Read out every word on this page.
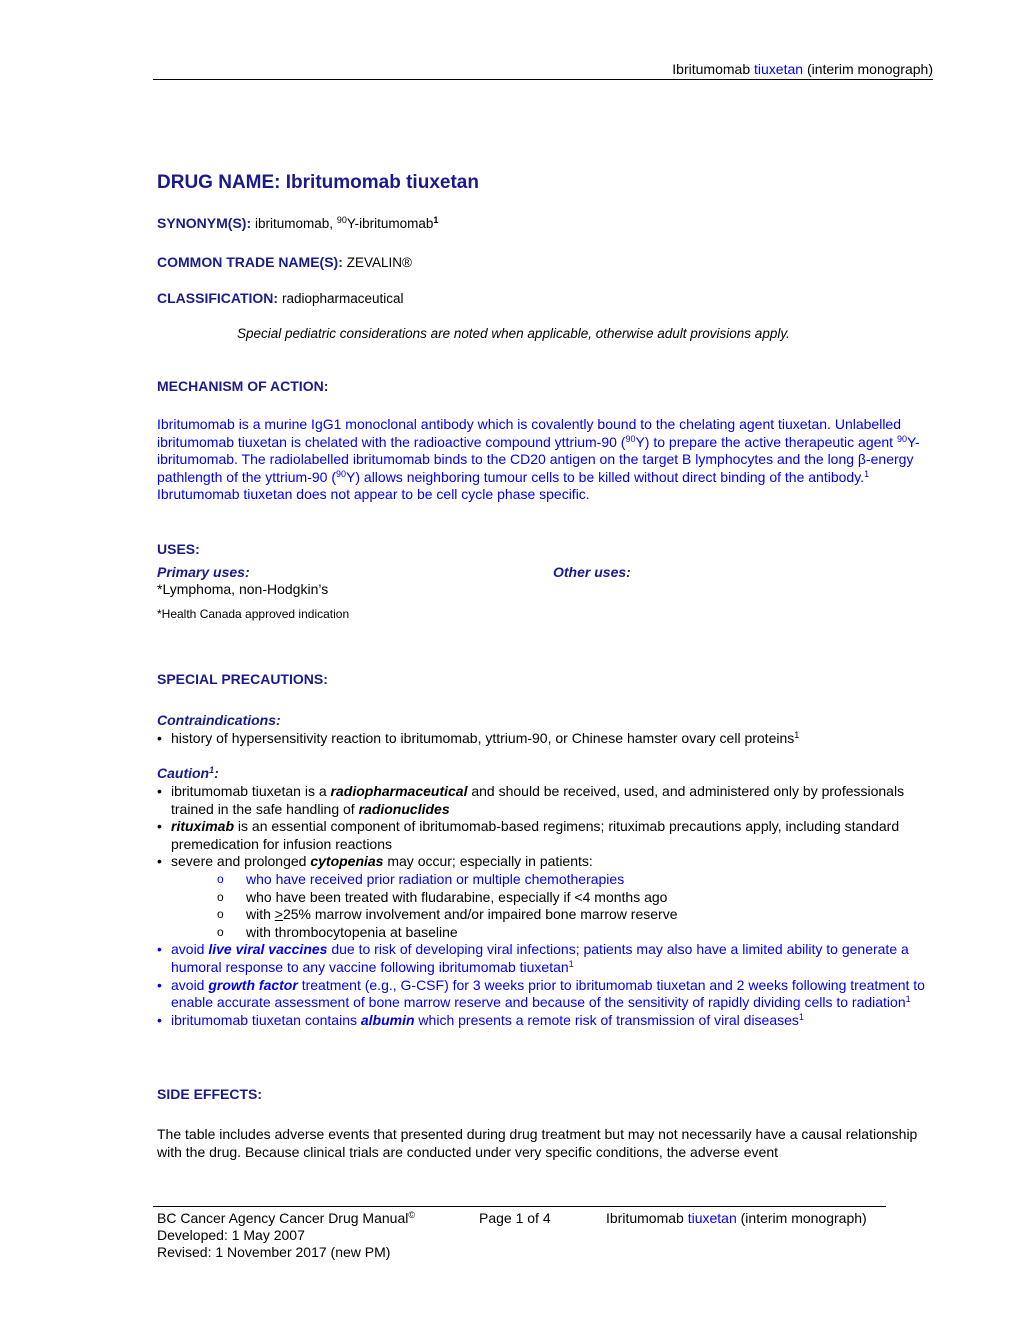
Ibritumomab tiuxetan (interim monograph)
DRUG NAME: Ibritumomab tiuxetan
SYNONYM(S): ibritumomab, $^{90}$Y-ibritumomab$^1$
COMMON TRADE NAME(S): ZEVALIN®
CLASSIFICATION: radiopharmaceutical
Special pediatric considerations are noted when applicable, otherwise adult provisions apply.
MECHANISM OF ACTION:
Ibritumomab is a murine IgG1 monoclonal antibody which is covalently bound to the chelating agent tiuxetan. Unlabelled ibritumomab tiuxetan is chelated with the radioactive compound yttrium-90 ($^{90}$Y) to prepare the active therapeutic agent $^{90}$Y-ibritumomab. The radiolabelled ibritumomab binds to the CD20 antigen on the target B lymphocytes and the long β-energy pathlength of the yttrium-90 ($^{90}$Y) allows neighboring tumour cells to be killed without direct binding of the antibody.$^1$ Ibrutumomab tiuxetan does not appear to be cell cycle phase specific.
USES:
Primary uses:	Other uses:
*Lymphoma, non-Hodgkin’s
*Health Canada approved indication
SPECIAL PRECAUTIONS:
Contraindications:
• history of hypersensitivity reaction to ibritumomab, yttrium-90, or Chinese hamster ovary cell proteins$^1$
Caution$^1$:
• ibritumomab tiuxetan is a radiopharmaceutical and should be received, used, and administered only by professionals trained in the safe handling of radionuclides
• rituximab is an essential component of ibritumomab-based regimens; rituximab precautions apply, including standard premedication for infusion reactions
• severe and prolonged cytopenias may occur; especially in patients:
o who have received prior radiation or multiple chemotherapies
o who have been treated with fludarabine, especially if <4 months ago
o with >25% marrow involvement and/or impaired bone marrow reserve
o with thrombocytopenia at baseline
• avoid live viral vaccines due to risk of developing viral infections; patients may also have a limited ability to generate a humoral response to any vaccine following ibritumomab tiuxetan$^1$
• avoid growth factor treatment (e.g., G-CSF) for 3 weeks prior to ibritumomab tiuxetan and 2 weeks following treatment to enable accurate assessment of bone marrow reserve and because of the sensitivity of rapidly dividing cells to radiation$^1$
• ibritumomab tiuxetan contains albumin which presents a remote risk of transmission of viral diseases$^1$
SIDE EFFECTS:
The table includes adverse events that presented during drug treatment but may not necessarily have a causal relationship with the drug. Because clinical trials are conducted under very specific conditions, the adverse event
BC Cancer Agency Cancer Drug Manual©	Page 1 of 4	Ibritumomab tiuxetan (interim monograph)
Developed: 1 May 2007
Revised: 1 November 2017 (new PM)
